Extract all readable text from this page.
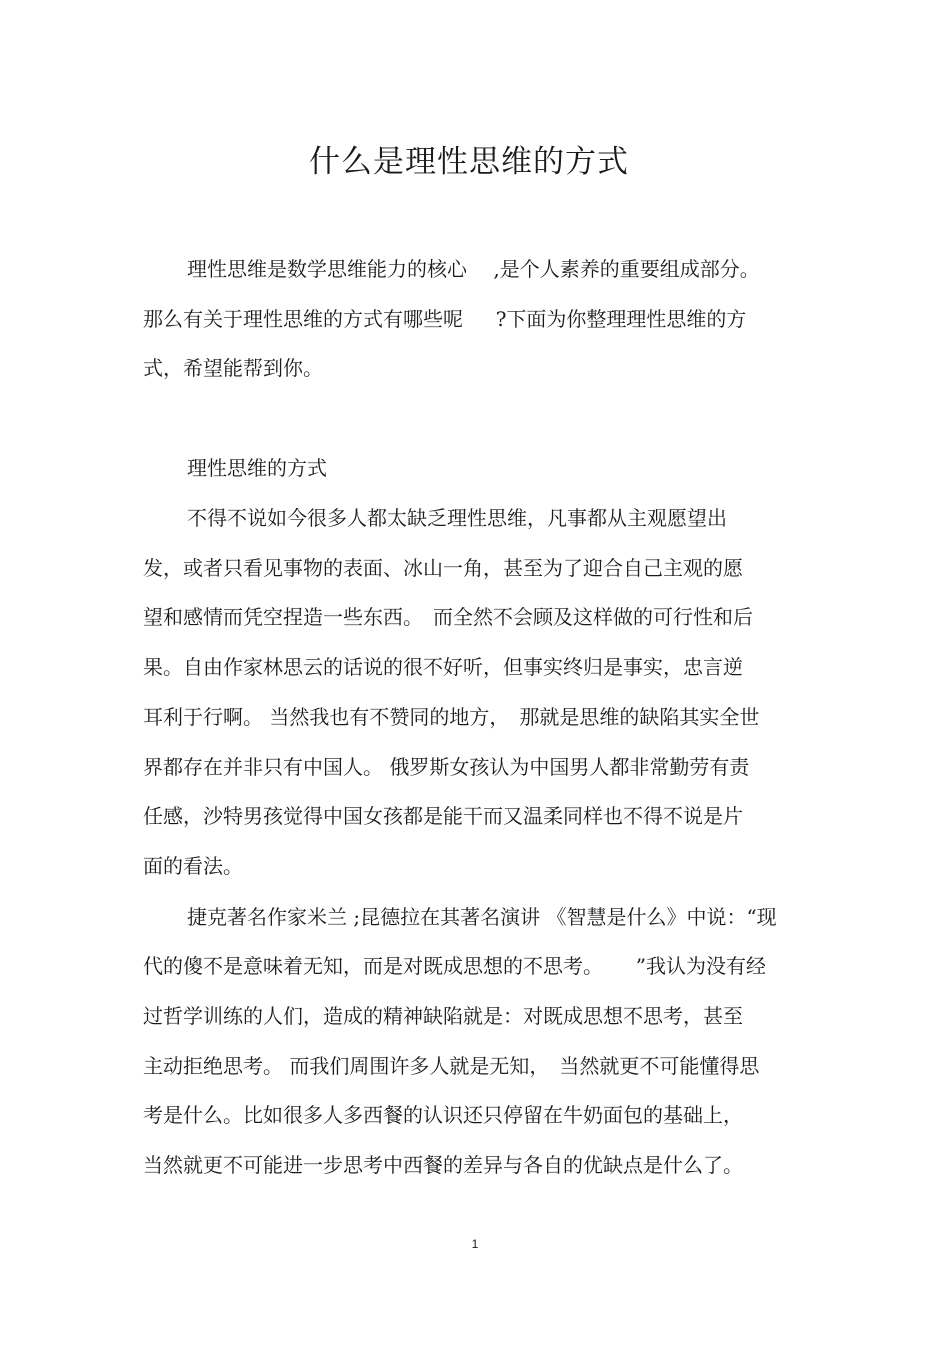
什么是理性思维的方式
理性思维是数学思维能力的核心 　,是个人素养的重要组成部分。
那么有关于理性思维的方式有哪些呢 　 ?下面为你整理理性思维的方
式，希望能帮到你。
理性思维的方式
不得不说如今很多人都太缺乏理性思维，凡事都从主观愿望出
发，或者只看见事物的表面、冰山一角，甚至为了迎合自己主观的愿
望和感情而凭空捏造一些东西。　而全然不会顾及这样做的可行性和后
果。自由作家林思云的话说的很不好听，但事实终归是事实，忠言逆
耳利于行啊。 当然我也有不赞同的地方，　那就是思维的缺陷其实全世
界都存在并非只有中国人。 俄罗斯女孩认为中国男人都非常勤劳有责
任感，沙特男孩觉得中国女孩都是能干而又温柔同样也不得不说是片
面的看法。
捷克著名作家米兰 ;昆德拉在其著名演讲 《智慧是什么》中说：“现
代的傻不是意味着无知，而是对既成思想的不思考。 　 ”我认为没有经
过哲学训练的人们，造成的精神缺陷就是：对既成思想不思考，甚至
主动拒绝思考。 而我们周围许多人就是无知，　当然就更不可能懂得思
考是什么。比如很多人多西餐的认识还只停留在牛奶面包的基础上，
当然就更不可能进一步思考中西餐的差异与各自的优缺点是什么了。
1
